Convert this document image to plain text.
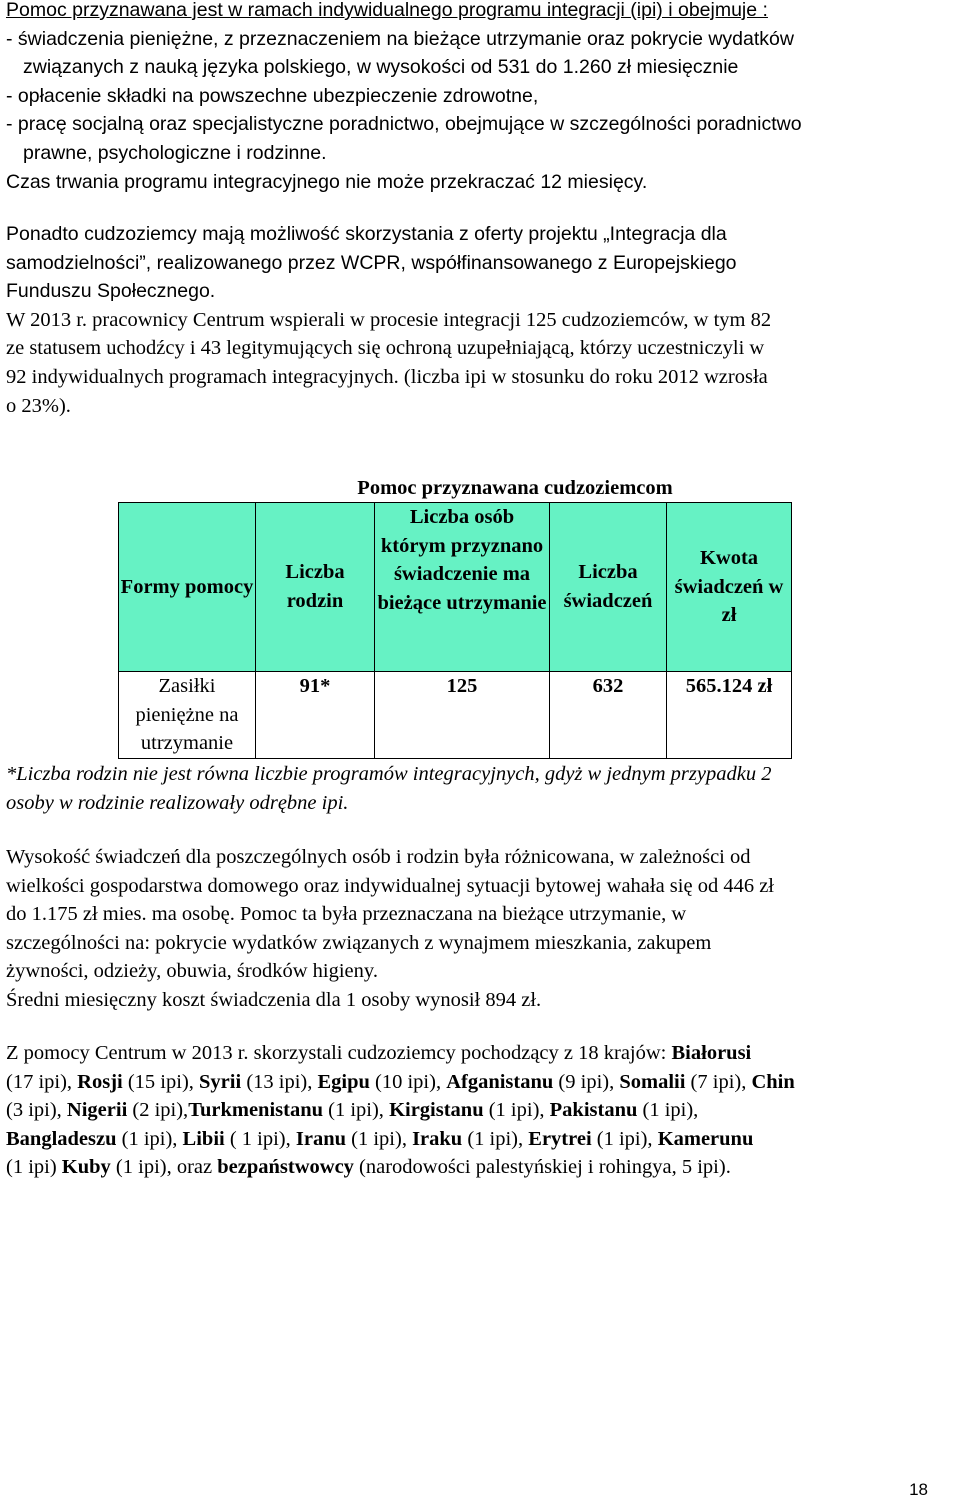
Pomoc przyznawana jest w ramach indywidualnego programu integracji (ipi) i obejmuje :
- świadczenia pieniężne, z przeznaczeniem na bieżące utrzymanie oraz pokrycie wydatków
związanych z nauką języka polskiego, w wysokości od 531 do 1.260 zł miesięcznie
- opłacenie składki na powszechne ubezpieczenie zdrowotne,
- pracę socjalną oraz specjalistyczne poradnictwo, obejmujące w szczególności poradnictwo
prawne, psychologiczne i rodzinne.
Czas trwania programu integracyjnego nie może przekraczać 12 miesięcy.
Ponadto cudzoziemcy mają możliwość skorzystania z oferty projektu „Integracja dla
samodzielności”, realizowanego przez WCPR, współfinansowanego z Europejskiego
Funduszu Społecznego.
W 2013 r. pracownicy Centrum wspierali w procesie integracji 125 cudzoziemców, w tym 82
ze statusem uchodźcy i 43 legitymujących się ochroną uzupełniającą, którzy uczestniczyli w
92 indywidualnych programach integracyjnych. (liczba ipi w stosunku do roku 2012 wzrosła
o 23%).
Pomoc przyznawana cudzoziemcom
Formy pomocy	Liczba rodzin	Liczba osób którym przyznano świadczenie ma bieżące utrzymanie	Liczba świadczeń	Kwota świadczeń w zł

Zasiłki pieniężne na utrzymanie	91*	125	632	565.124 zł
*Liczba rodzin nie jest równa liczbie programów integracyjnych, gdyż w jednym przypadku 2
osoby w rodzinie realizowały odrębne ipi.
Wysokość świadczeń dla poszczególnych osób i rodzin była różnicowana, w zależności od
wielkości gospodarstwa domowego oraz indywidualnej sytuacji bytowej wahała się od 446 zł
do 1.175 zł mies. ma osobę. Pomoc ta była przeznaczana na bieżące utrzymanie, w
szczególności na: pokrycie wydatków związanych z wynajmem mieszkania, zakupem
żywności, odzieży, obuwia, środków higieny.
Średni miesięczny koszt świadczenia dla 1 osoby wynosił 894 zł.
Z pomocy Centrum w 2013 r. skorzystali cudzoziemcy pochodzący z 18 krajów: Białorusi
(17 ipi), Rosji (15 ipi), Syrii (13 ipi), Egipu (10 ipi), Afganistanu (9 ipi), Somalii (7 ipi), Chin
(3 ipi), Nigerii (2 ipi),Turkmenistanu (1 ipi), Kirgistanu (1 ipi), Pakistanu (1 ipi),
Bangladeszu (1 ipi), Libii ( 1 ipi), Iranu (1 ipi), Iraku (1 ipi), Erytrei (1 ipi), Kamerunu
(1 ipi) Kuby (1 ipi), oraz bezpaństwowcy (narodowości palestyńskiej i rohingya, 5 ipi).
18
